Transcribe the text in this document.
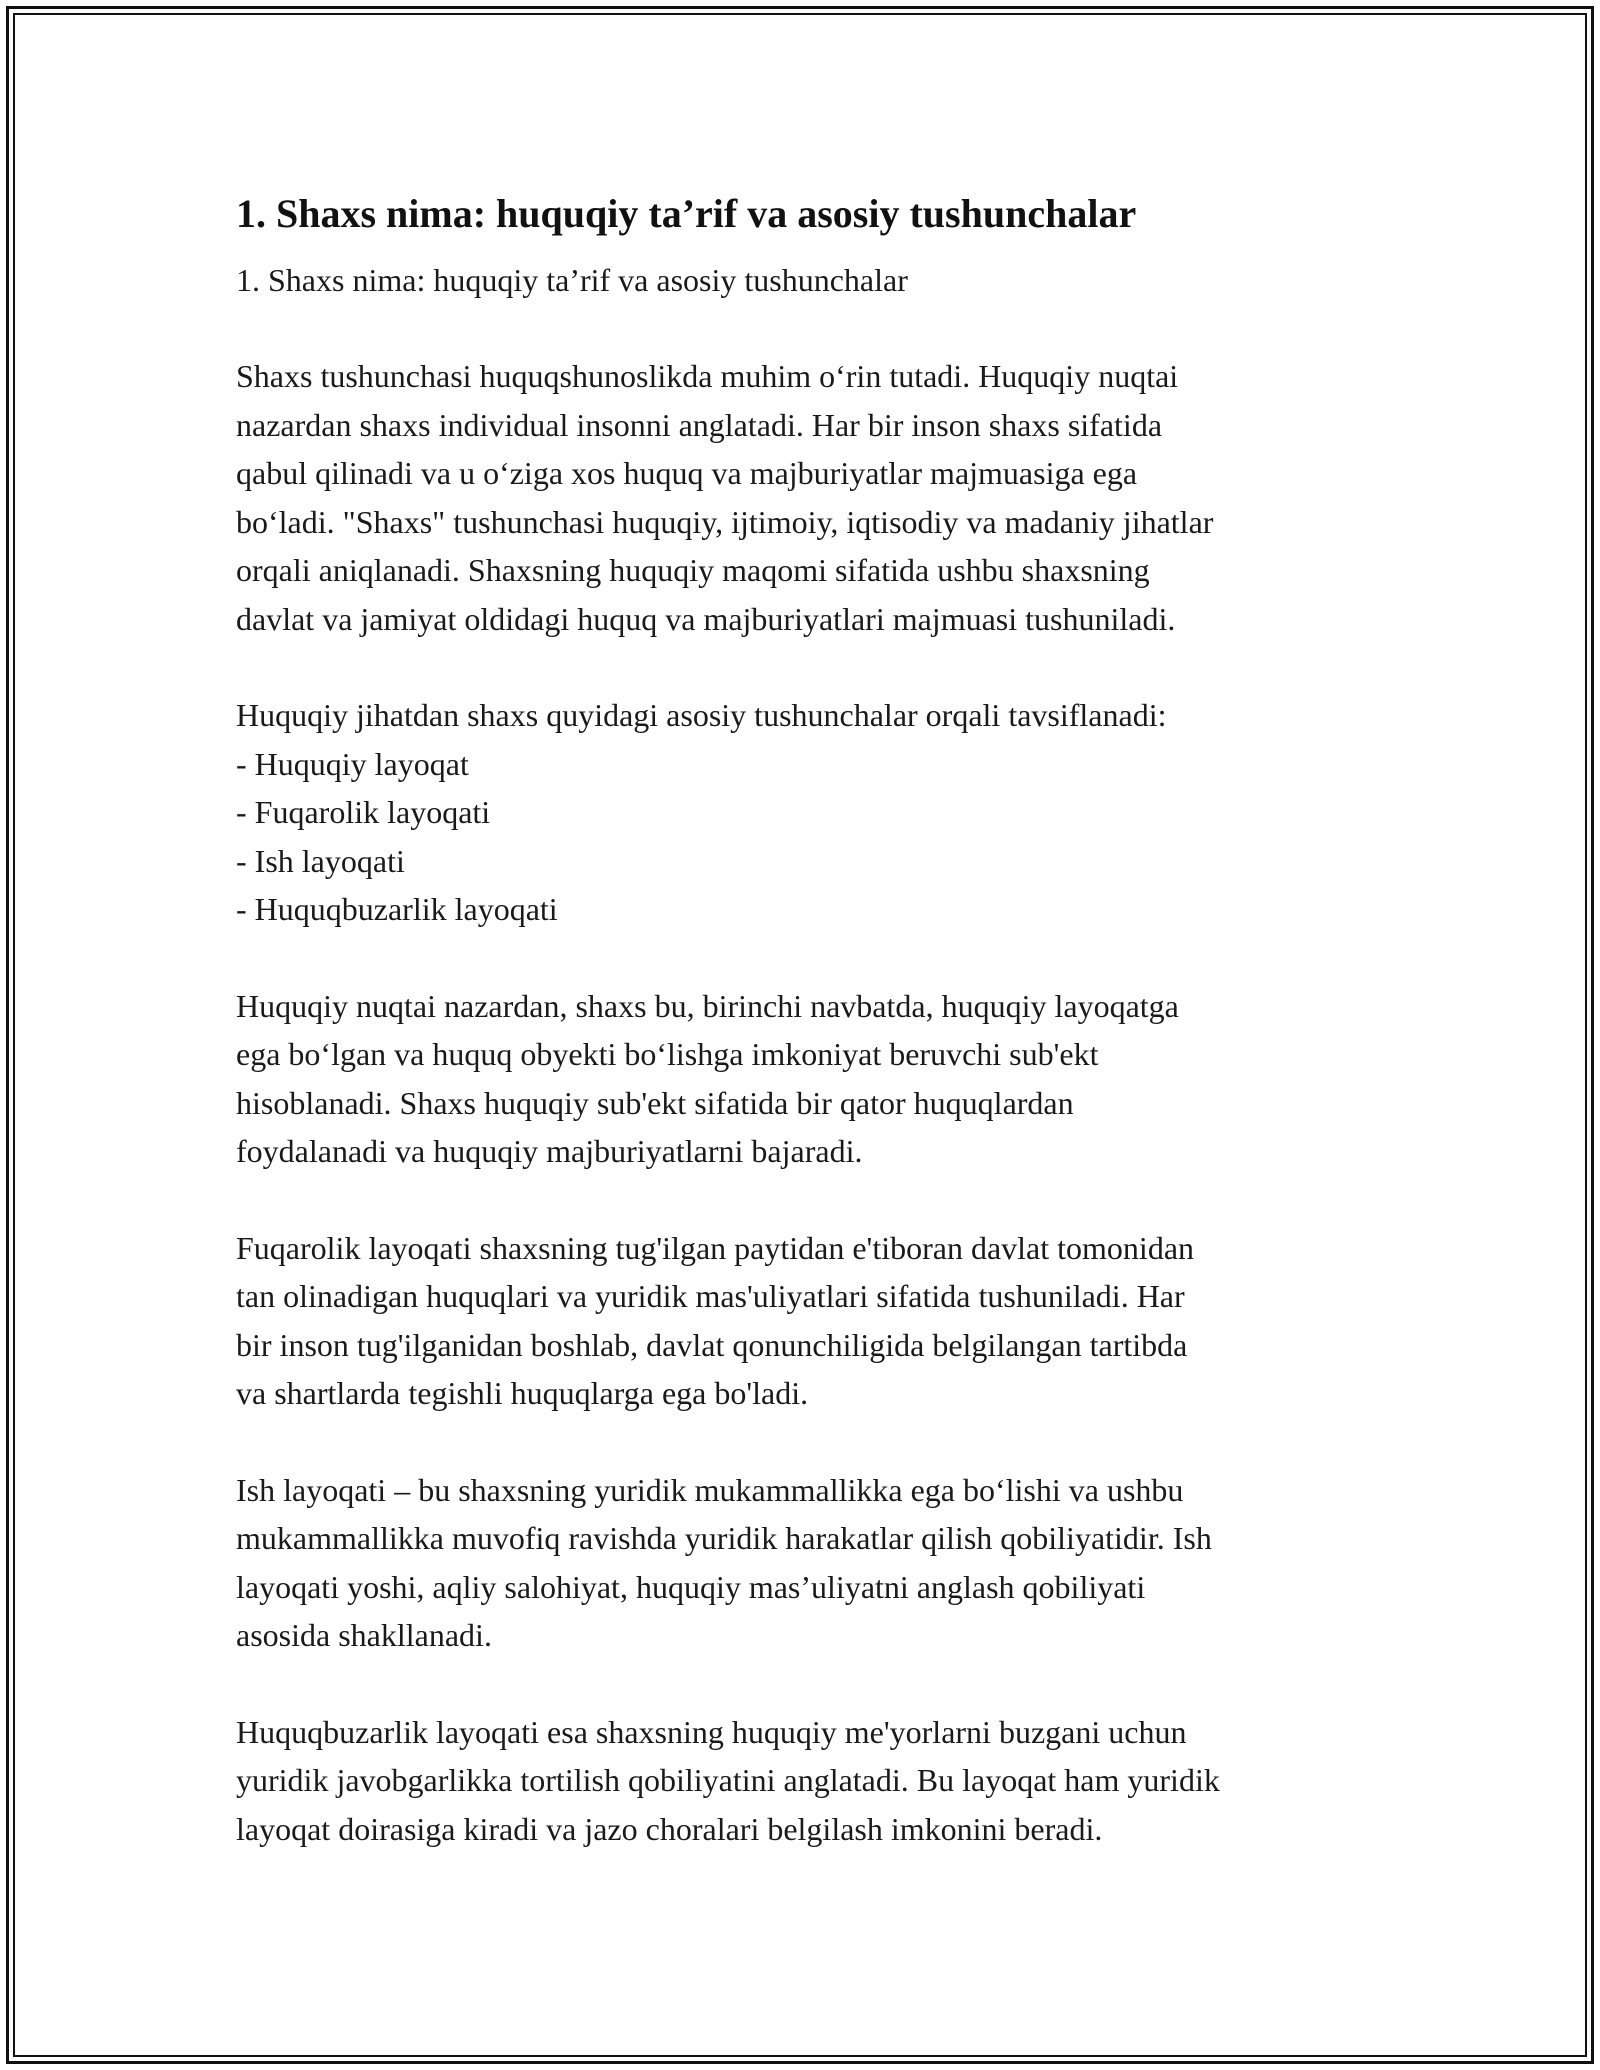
1. Shaxs nima: huquqiy ta’rif va asosiy tushunchalar

1. Shaxs nima: huquqiy ta’rif va asosiy tushunchalar

Shaxs tushunchasi huquqshunoslikda muhim o‘rin tutadi. Huquqiy nuqtai
nazardan shaxs individual insonni anglatadi. Har bir inson shaxs sifatida
qabul qilinadi va u o‘ziga xos huquq va majburiyatlar majmuasiga ega
bo‘ladi. "Shaxs" tushunchasi huquqiy, ijtimoiy, iqtisodiy va madaniy jihatlar
orqali aniqlanadi. Shaxsning huquqiy maqomi sifatida ushbu shaxsning
davlat va jamiyat oldidagi huquq va majburiyatlari majmuasi tushuniladi.

Huquqiy jihatdan shaxs quyidagi asosiy tushunchalar orqali tavsiflanadi:
- Huquqiy layoqat
- Fuqarolik layoqati
- Ish layoqati
- Huquqbuzarlik layoqati

Huquqiy nuqtai nazardan, shaxs bu, birinchi navbatda, huquqiy layoqatga
ega bo‘lgan va huquq obyekti bo‘lishga imkoniyat beruvchi sub'ekt
hisoblanadi. Shaxs huquqiy sub'ekt sifatida bir qator huquqlardan
foydalanadi va huquqiy majburiyatlarni bajaradi.

Fuqarolik layoqati shaxsning tug'ilgan paytidan e'tiboran davlat tomonidan
tan olinadigan huquqlari va yuridik mas'uliyatlari sifatida tushuniladi. Har
bir inson tug'ilganidan boshlab, davlat qonunchiligida belgilangan tartibda
va shartlarda tegishli huquqlarga ega bo'ladi.

Ish layoqati – bu shaxsning yuridik mukammallikka ega bo‘lishi va ushbu
mukammallikka muvofiq ravishda yuridik harakatlar qilish qobiliyatidir. Ish
layoqati yoshi, aqliy salohiyat, huquqiy mas’uliyatni anglash qobiliyati
asosida shakllanadi.

Huquqbuzarlik layoqati esa shaxsning huquqiy me'yorlarni buzgani uchun
yuridik javobgarlikka tortilish qobiliyatini anglatadi. Bu layoqat ham yuridik
layoqat doirasiga kiradi va jazo choralari belgilash imkonini beradi.
